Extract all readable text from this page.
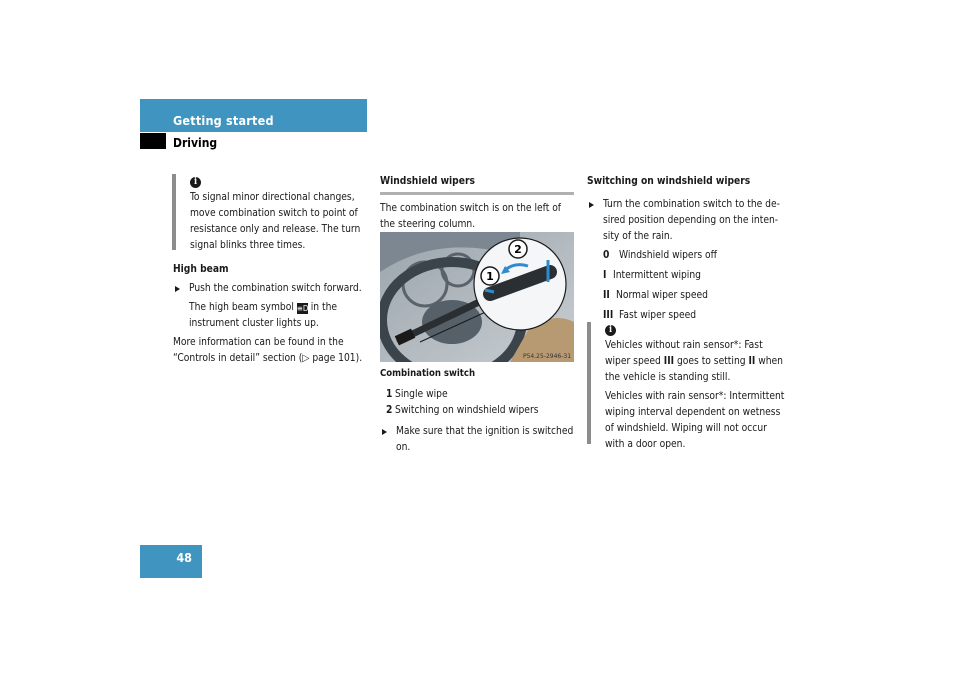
Getting started
Driving
i

To signal minor directional changes, move combination switch to point of resistance only and release. The turn signal blinks three times.

High beam

Push the combination switch forward.

The high beam symbol ≡D in the instrument cluster lights up.

More information can be found in the “Controls in detail” section (▷ page 101).

Windshield wipers

The combination switch is on the left of the steering column.

1
2
P54.25-2946-31

Combination switch

1 Single wipe
2 Switching on windshield wipers

Make sure that the ignition is switched on.

Switching on windshield wipers

Turn the combination switch to the de-sired position depending on the inten-sity of the rain.

0 Windshield wipers off
I Intermittent wiping
II Normal wiper speed
III Fast wiper speed
i

Vehicles without rain sensor*: Fast wiper speed III goes to setting II when the vehicle is standing still.

Vehicles with rain sensor*: Intermittent wiping interval dependent on wetness of windshield. Wiping will not occur with a door open.

48
